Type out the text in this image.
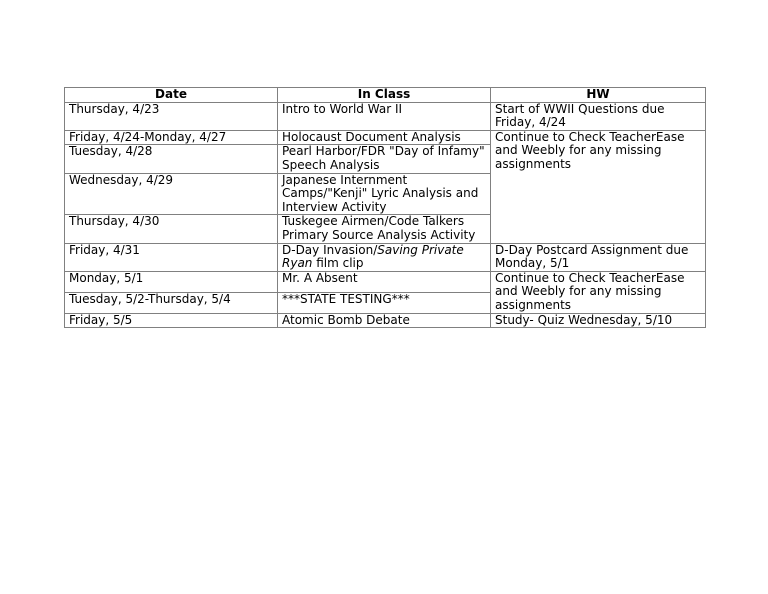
Date	In Class	HW
Thursday, 4/23	Intro to World War II	Start of WWII Questions due Friday, 4/24
Friday, 4/24-Monday, 4/27	Holocaust Document Analysis	Continue to Check TeacherEase and Weebly for any missing assignments
Tuesday, 4/28	Pearl Harbor/FDR "Day of Infamy" Speech Analysis	
Wednesday, 4/29	Japanese Internment Camps/"Kenji" Lyric Analysis and Interview Activity	
Thursday, 4/30	Tuskegee Airmen/Code Talkers Primary Source Analysis Activity	
Friday, 4/31	D-Day Invasion/Saving Private Ryan film clip	D-Day Postcard Assignment due Monday, 5/1
Monday, 5/1	Mr. A Absent	Continue to Check TeacherEase and Weebly for any missing assignments
Tuesday, 5/2-Thursday, 5/4	***STATE TESTING***	
Friday, 5/5	Atomic Bomb Debate	Study- Quiz Wednesday, 5/10
